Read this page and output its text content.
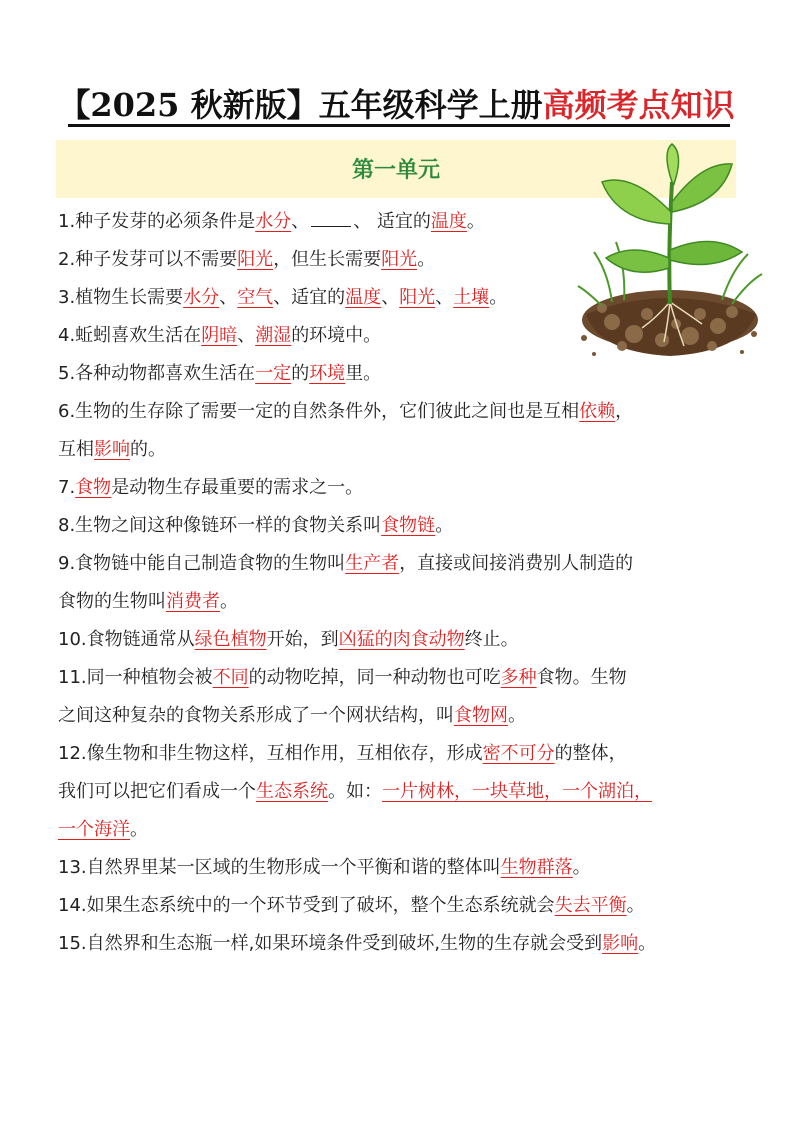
【2025 秋新版】五年级科学上册高频考点知识
第一单元
1.种子发芽的必须条件是水分、 、 适宜的温度。
2.种子发芽可以不需要阳光，但生长需要阳光。
3.植物生长需要水分、空气、适宜的温度、阳光、土壤。
4.蚯蚓喜欢生活在阴暗、潮湿的环境中。
5.各种动物都喜欢生活在一定的环境里。
6.生物的生存除了需要一定的自然条件外，它们彼此之间也是互相依赖，
互相影响的。
7.食物是动物生存最重要的需求之一。
8.生物之间这种像链环一样的食物关系叫食物链。
9.食物链中能自己制造食物的生物叫生产者，直接或间接消费别人制造的
食物的生物叫消费者。
10.食物链通常从绿色植物开始，到凶猛的肉食动物终止。
11.同一种植物会被不同的动物吃掉，同一种动物也可吃多种食物。生物
之间这种复杂的食物关系形成了一个网状结构，叫食物网。
12.像生物和非生物这样，互相作用，互相依存，形成密不可分的整体，
我们可以把它们看成一个生态系统。如：一片树林，一块草地，一个湖泊，
一个海洋。
13.自然界里某一区域的生物形成一个平衡和谐的整体叫生物群落。
14.如果生态系统中的一个环节受到了破坏，整个生态系统就会失去平衡。
15.自然界和生态瓶一样,如果环境条件受到破坏,生物的生存就会受到影响。
